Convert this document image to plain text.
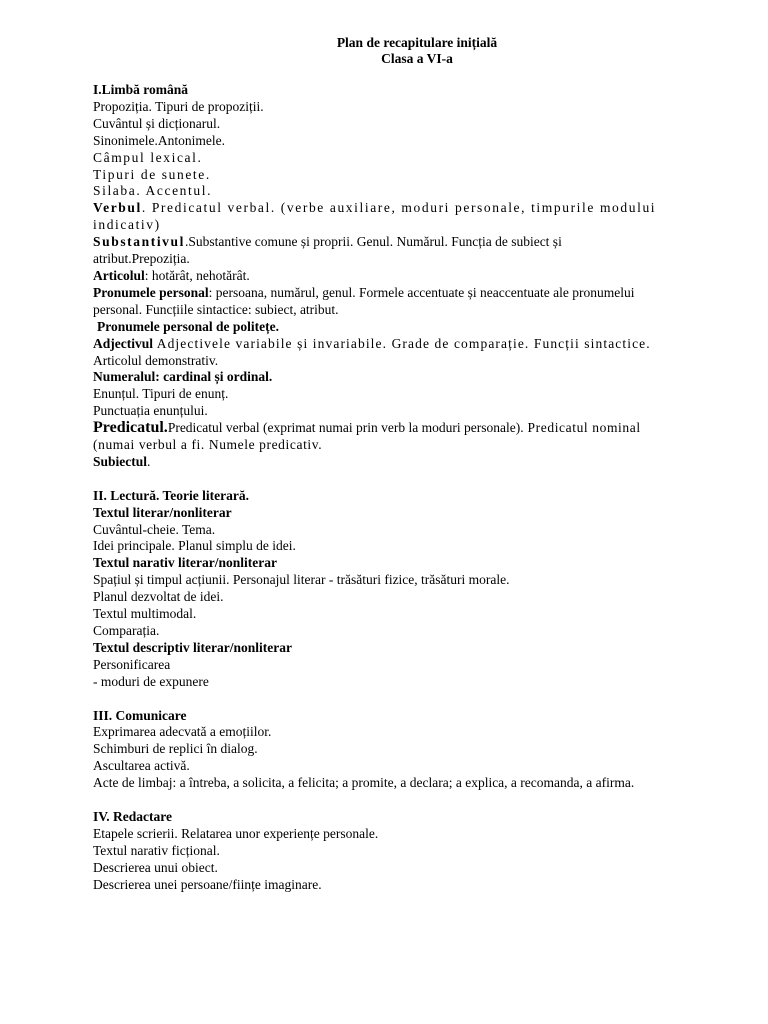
Plan de recapitulare inițială
Clasa a VI-a
I.Limbă română
Propoziția. Tipuri de propoziții.
Cuvântul și dicționarul.
Sinonimele.Antonimele.
Câmpul lexical.
Tipuri de sunete.
Silaba. Accentul.
Verbul. Predicatul verbal. (verbe auxiliare, moduri personale, timpurile modului
indicativ)
Substantivul.Substantive comune și proprii. Genul. Numărul. Funcția de subiect și
atribut.Prepoziția.
Articolul: hotărât, nehotărât.
Pronumele personal: persoana, numărul, genul. Formele accentuate și neaccentuate ale pronumelui
personal. Funcțiile sintactice: subiect, atribut.
Pronumele personal de politețe.
Adjectivul Adjectivele variabile și invariabile. Grade de comparație. Funcții sintactice.
Articolul demonstrativ.
Numeralul: cardinal și ordinal.
Enunțul. Tipuri de enunț.
Punctuația enunțului.
Predicatul.Predicatul verbal (exprimat numai prin verb la moduri personale). Predicatul nominal
(numai verbul a fi. Numele predicativ.
Subiectul.
II. Lectură. Teorie literară.
Textul literar/nonliterar
Cuvântul-cheie. Tema.
Idei principale. Planul simplu de idei.
Textul narativ literar/nonliterar
Spațiul și timpul acțiunii. Personajul literar - trăsături fizice, trăsături morale.
Planul dezvoltat de idei.
Textul multimodal.
Comparația.
Textul descriptiv literar/nonliterar
Personificarea
- moduri de expunere
III. Comunicare
Exprimarea adecvată a emoțiilor.
Schimburi de replici în dialog.
Ascultarea activă.
Acte de limbaj: a întreba, a solicita, a felicita; a promite, a declara; a explica, a recomanda, a afirma.
IV. Redactare
Etapele scrierii. Relatarea unor experiențe personale.
Textul narativ ficțional.
Descrierea unui obiect.
Descrierea unei persoane/ființe imaginare.
